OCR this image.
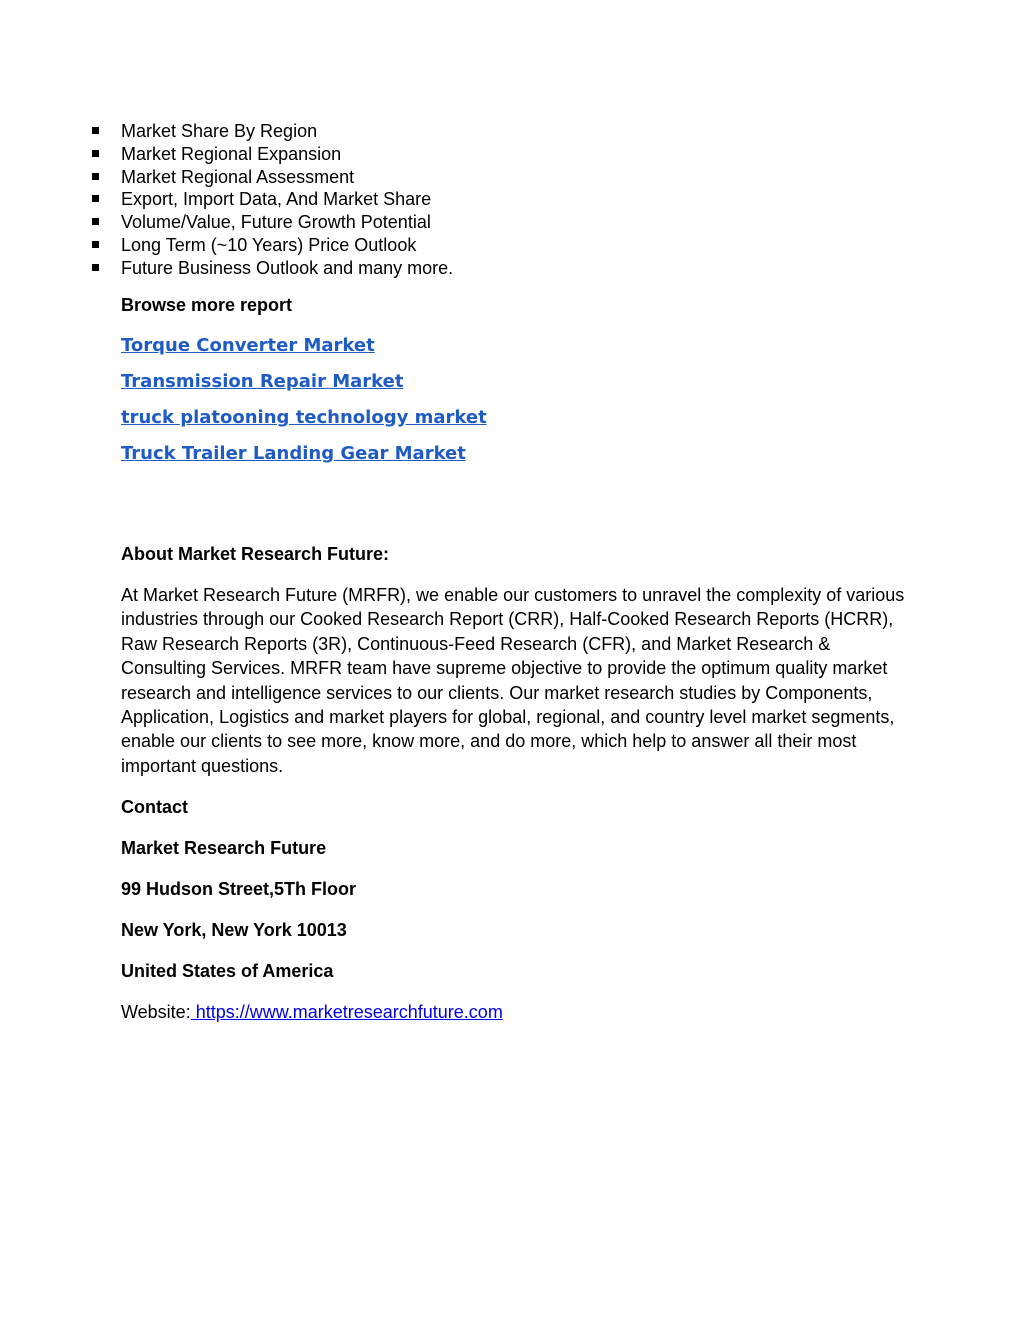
Market Share By Region
Market Regional Expansion
Market Regional Assessment
Export, Import Data, And Market Share
Volume/Value, Future Growth Potential
Long Term (~10 Years) Price Outlook
Future Business Outlook and many more.
Browse more report
Torque Converter Market
Transmission Repair Market
truck platooning technology market
Truck Trailer Landing Gear Market
About Market Research Future:
At Market Research Future (MRFR), we enable our customers to unravel the complexity of various industries through our Cooked Research Report (CRR), Half-Cooked Research Reports (HCRR), Raw Research Reports (3R), Continuous-Feed Research (CFR), and Market Research & Consulting Services. MRFR team have supreme objective to provide the optimum quality market research and intelligence services to our clients. Our market research studies by Components, Application, Logistics and market players for global, regional, and country level market segments, enable our clients to see more, know more, and do more, which help to answer all their most important questions.
Contact
Market Research Future
99 Hudson Street,5Th Floor
New York, New York 10013
United States of America
Website: https://www.marketresearchfuture.com
